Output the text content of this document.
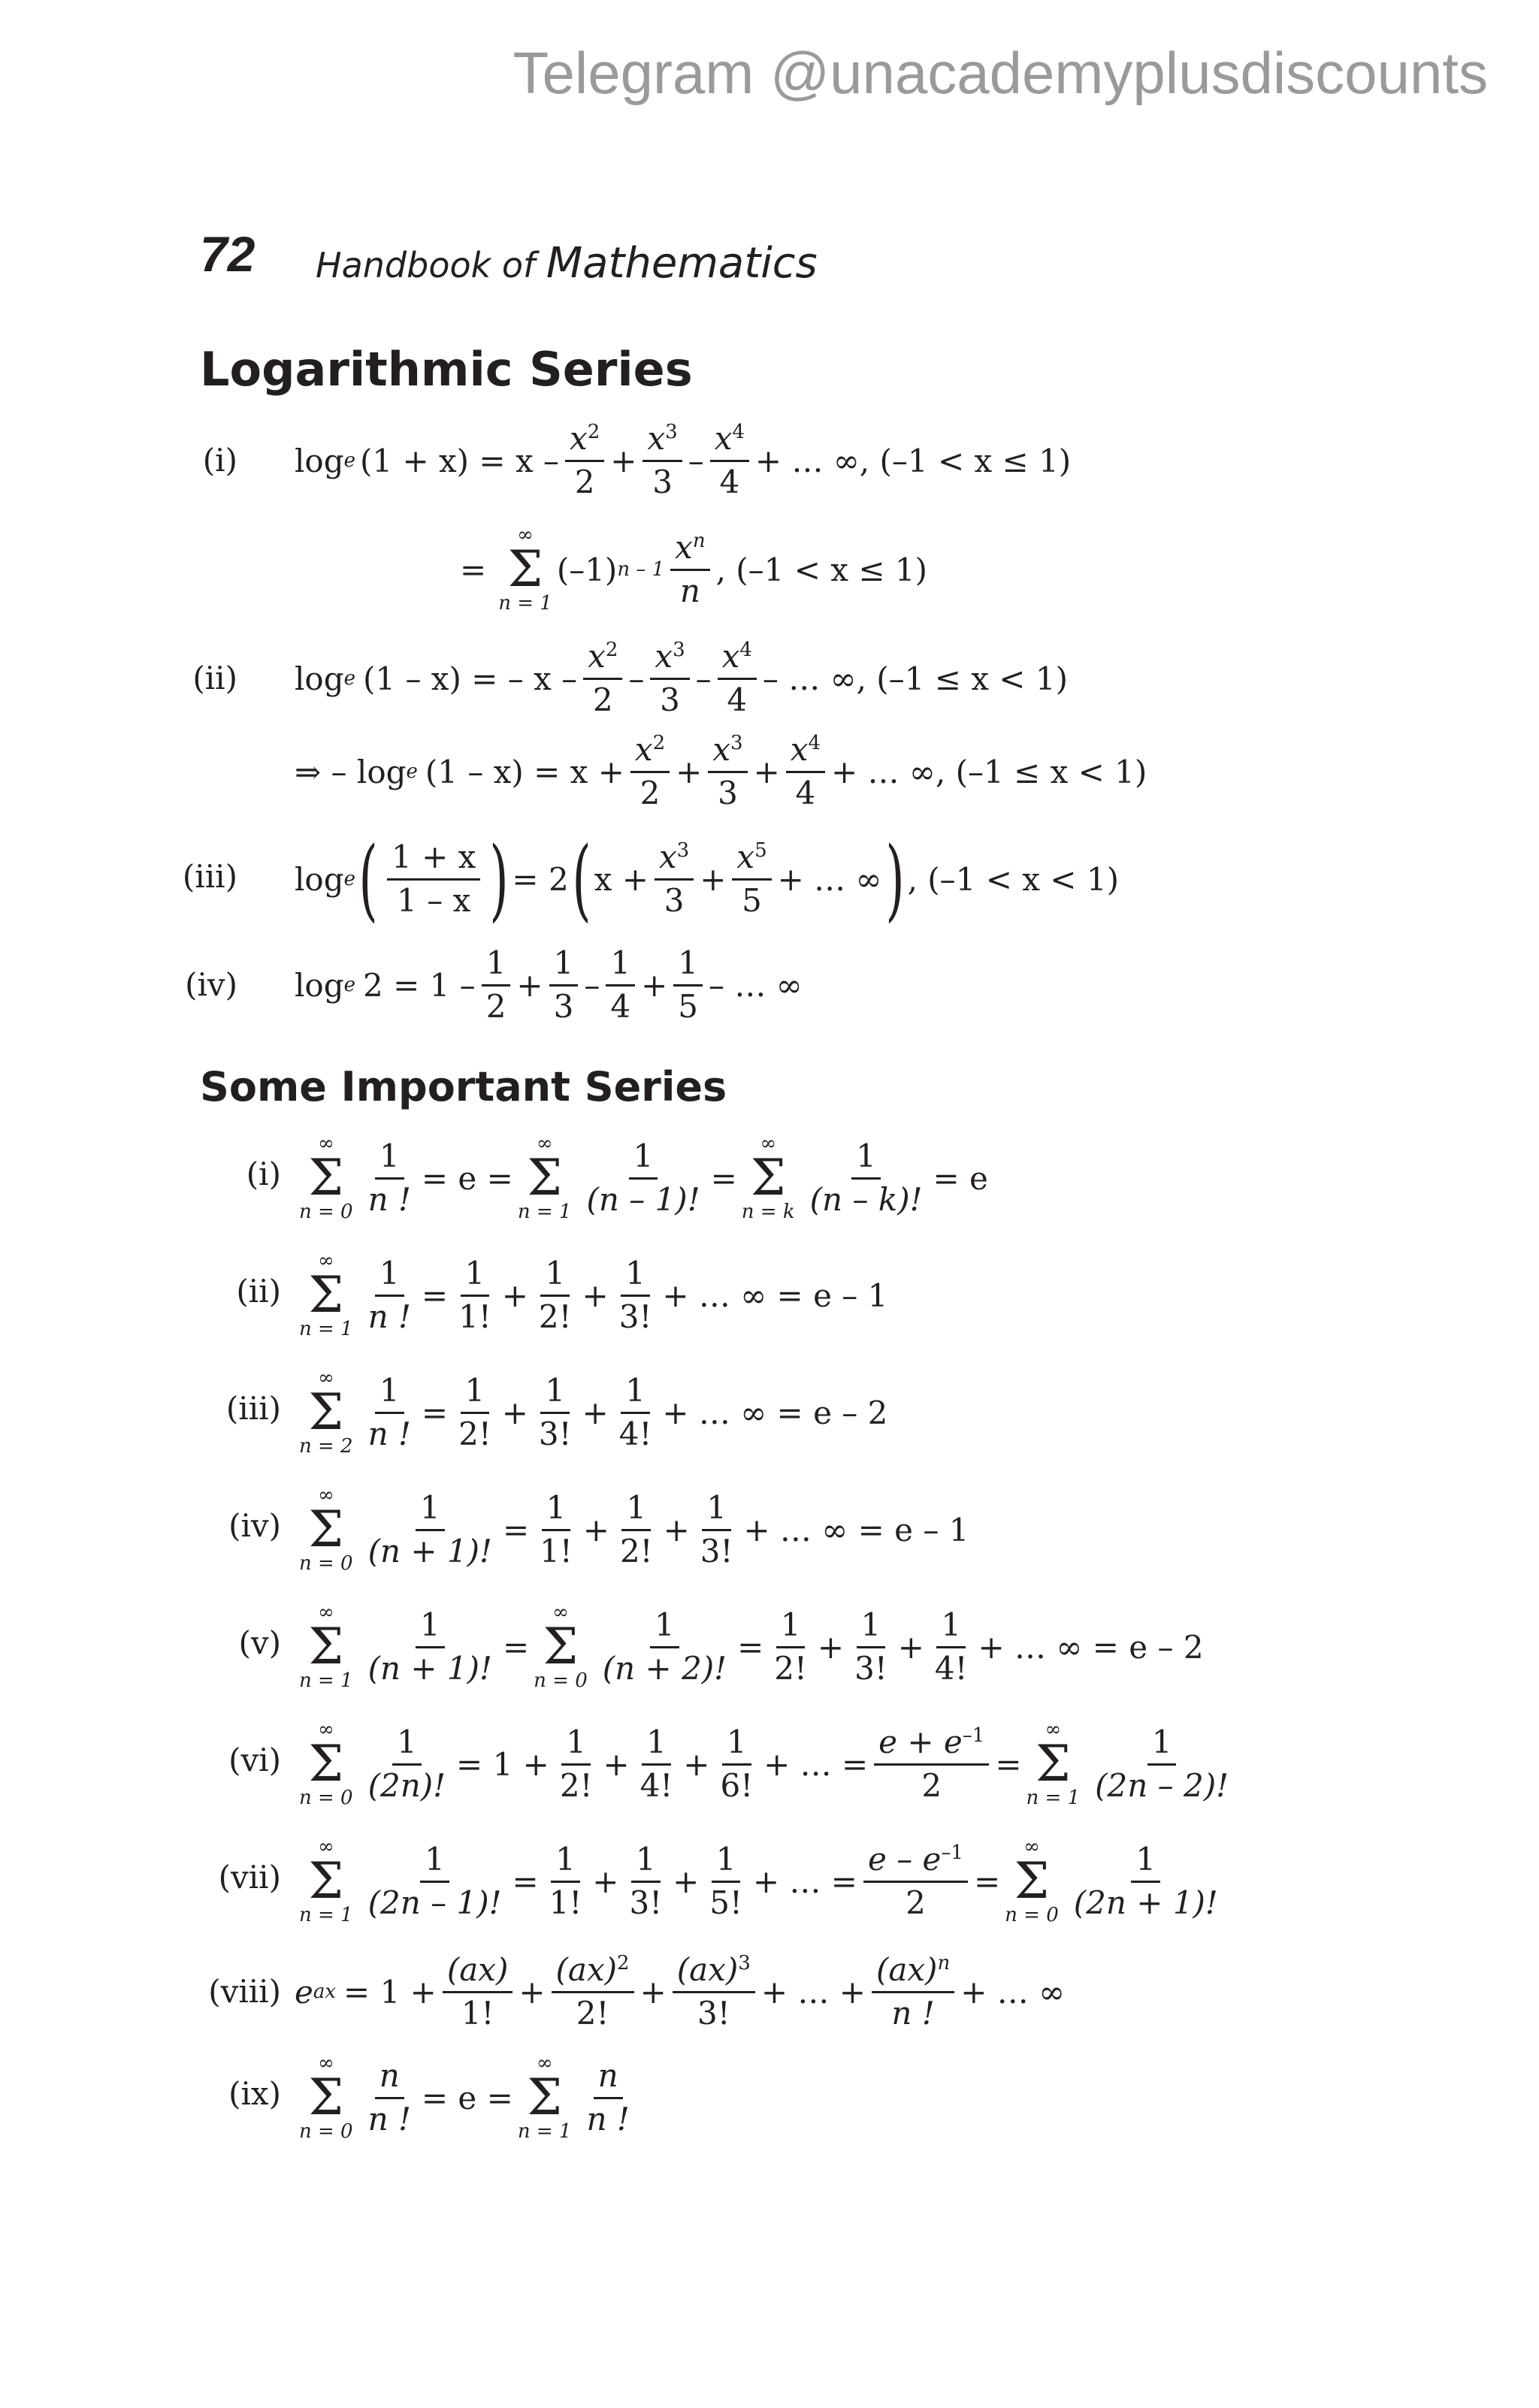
Telegram @unacademyplusdiscounts
72 Handbook of Mathematics
Logarithmic Series
(i) log e $(1 + x) = x - \frac{x^2}{2} + \frac{x^3}{3} - \frac{x^4}{4}$ + … ∞, (–1 < x ≤ 1)
=
∞
Σ
n = 1
(–1) n – $1 \frac{x^n}{n}$ , (–1 < x ≤ 1)
(ii) log e (1 – x) = – x – $\frac{x^2}{2} - \frac{x^3}{3} - \frac{x^4}{4}$ – … ∞, (–1 ≤ x < 1)
⇒ – log e $(1 - x) = x + \frac{x^2}{2} + \frac{x^3}{3} + \frac{x^4}{4}$ + … ∞, (–1 ≤ x < 1)
(iii) log e ( $\frac{1 + x}{1 - x}$ ) = 2 ( $x + \frac{x^3}{3} + \frac{x^5}{5}$ + … ∞ ) , (–1 < x < 1)
(iv) log e $2 = 1 - \frac{1}{2} + \frac{1}{3} - \frac{1}{4} + \frac{1}{5}$ – … ∞
Some Important Series
(i)
∞
Σ
$n = 0 \frac{1}{n !} = e$ =
∞
Σ
$n = 1 \frac{1}{(n - 1)!}$ =
∞
Σ
n = k $\frac{1}{(n - k)!} = e$
(ii)
∞
Σ
$n = 1 \frac{1}{n !} = \frac{1}{1!} + \frac{1}{2!} + \frac{1}{3!}$ + … ∞ = e – 1
(iii)
∞
Σ
$n = 2 \frac{1}{n !} = \frac{1}{2!} + \frac{1}{3!} + \frac{1}{4!}$ + … ∞ = e – 2
(iv)
∞
Σ
$n = 0 \frac{1}{(n + 1)!} = \frac{1}{1!} + \frac{1}{2!} + \frac{1}{3!}$ + … ∞ = e – 1
(v)
∞
Σ
$n = 1 \frac{1}{(n + 1)!}$ =
∞
Σ
$n = 0 \frac{1}{(n + 2)!} = \frac{1}{2!} + \frac{1}{3!} + \frac{1}{4!}$ + … ∞ = e – 2
(vi)
∞
Σ
$n = 0 \frac{1}{(2n)!} = 1 + \frac{1}{2!} + \frac{1}{4!} + \frac{1}{6!}$ + … = $\frac{e + e^{-1}}{2}$ =
∞
Σ
$n = 1 \frac{1}{(2n - 2)!}$
(vii)
∞
Σ
$n = 1 \frac{1}{(2n - 1)!} = \frac{1}{1!} + \frac{1}{3!} + \frac{1}{5!}$ + … = $\frac{e - e^{-1}}{2}$ =
∞
Σ
$n = 0 \frac{1}{(2n + 1)!}$
(viii) e ax = $1 + \frac{(ax)}{1!} + \frac{(ax)^2}{2!} + \frac{(ax)^3}{3!}$ + … + $\frac{(ax)^n}{n !}$ + … ∞
(ix)
∞
Σ
$n = 0 \frac{n}{n !} = e$ =
∞
Σ
$n = 1 \frac{n}{n !}$
